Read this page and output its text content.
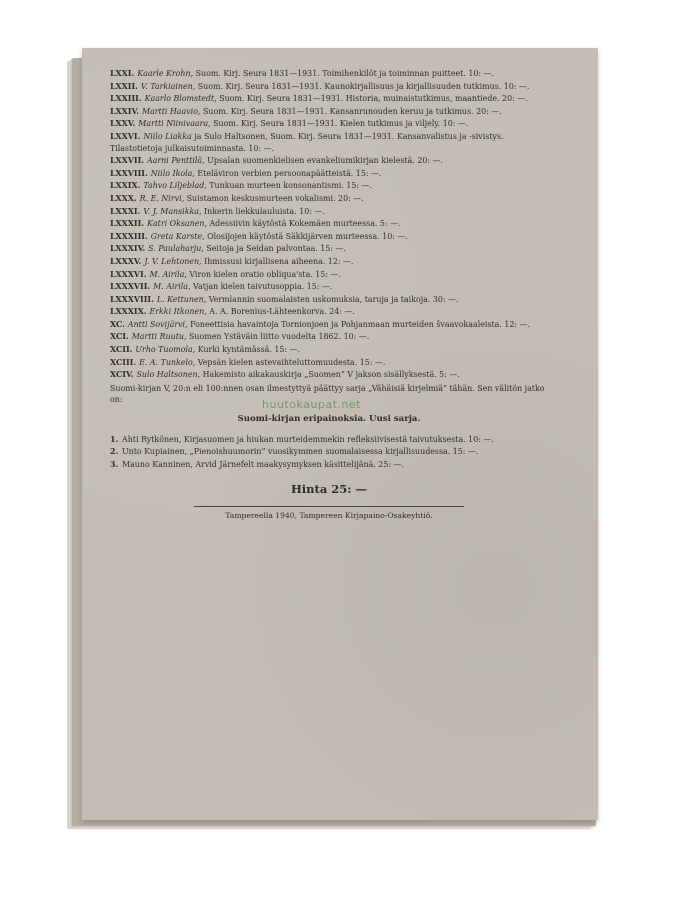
LXXI. Kaarle Krohn, Suom. Kirj. Seura 1831—1931. Toimihenkilöt ja toiminnan puitteet. 10: —.

LXXII. V. Tarkiainen, Suom. Kirj. Seura 1831—1931. Kaunokirjallisuus ja kirjallisuuden tutkimus. 10: —.

LXXIII. Kaarlo Blomstedt, Suom. Kirj. Seura 1831—1931. Historia, muinaistutkimus, maantiede. 20: —.

LXXIV. Martti Haavio, Suom. Kirj. Seura 1831—1931. Kansanrunouden keruu ja tutkimus. 20: —.

LXXV. Martti Niinivaara, Suom. Kirj. Seura 1831—1931. Kielen tutkimus ja viljely. 10: —.

LXXVI. Niilo Liakka ja Sulo Haltsonen, Suom. Kirj. Seura 1831—1931. Kansanvalistus ja -sivistys. Tilastotietoja julkaisutoiminnasta. 10: —.

LXXVII. Aarni Penttilä, Upsalan suomenkielisen evankeliumikirjan kielestä. 20: —.

LXXVIII. Niilo Ikola, Eteläviron verbien persoonapäätteistä. 15: —.

LXXIX. Tahvo Liljeblad, Tunkuan murteen konsonantismi. 15: —.

LXXX. R. E. Nirvi, Suistamon keskusmurteen vokalismi. 20: —.

LXXXI. V. J. Mansikka, Inkerin liekkulauluista. 10: —.

LXXXII. Katri Oksanen, Adessiivin käytöstä Kokemäen murteessa. 5: —.

LXXXIII. Greta Karste, Olosijojen käytöstä Säkkijärven murteessa. 10: —.

LXXXIV. S. Paulaharju, Seitoja ja Seidan palvontaa. 15: —.

LXXXV. J. V. Lehtonen, Ihmissusi kirjallisena aiheena. 12: —.

LXXXVI. M. Airila, Viron kielen oratio obliqua'sta. 15: —.

LXXXVII. M. Airila, Vatjan kielen taivutusoppia. 15: —.

LXXXVIII. L. Kettunen, Vermlannin suomalaisten uskomuksia, taruja ja taikoja. 30: —.

LXXXIX. Erkki Itkonen, A. A. Borenius-Lähteenkorva. 24: —.

XC. Antti Sovijärvi, Foneettisia havaintoja Tornionjoen ja Pohjanmaan murteiden švaavokaaleista. 12: —.

XCI. Martti Ruutu, Suomen Ystäväin liitto vuodelta 1862. 10: —.

XCII. Urho Tuomola, Kurki kyntämässä. 15: —.

XCIII. E. A. Tunkelo, Vepsän kielen astevaihteluttomuudesta. 15: —.

XCIV. Sulo Haltsonen, Hakemisto aikakauskirja „Suomen” V jakson sisällyksestä. 5: —.

Suomi-kirjan V, 20:n eli 100:nnen osan ilmestyttyä päättyy sarja „Vähäisiä kirjelmiä” tähän. Sen välitön jatko on:

Suomi-kirjan eripainoksia. Uusi sarja.
1. Ahti Rytkönen, Kirjasuomen ja hiukan murteidemmekin refleksiivisestä taivutuksesta. 10: —.
2. Unto Kupiainen, „Pienoishuumorin” vuosikymmen suomalaisessa kirjallisuudessa. 15: —.
3. Mauno Kanninen, Arvid Järnefelt maakysymyksen käsittelijänä. 25: —.
Hinta 25: —
Tampereella 1940, Tampereen Kirjapaino-Osakeyhtiö.
huutokaupat.net
